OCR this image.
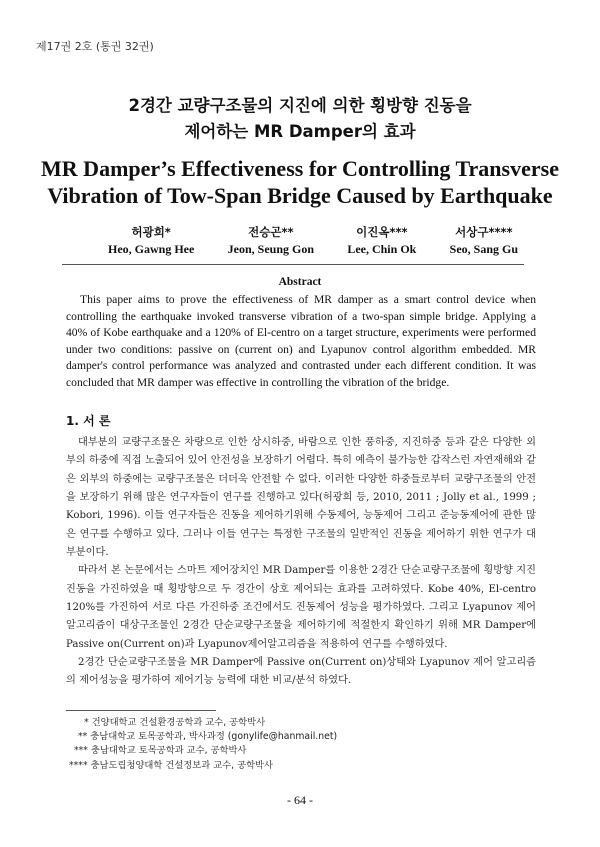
제17권 2호 (통권 32권)
2경간 교량구조물의 지진에 의한 횡방향 진동을
제어하는 MR Damper의 효과
MR Damper’s Effectiveness for Controlling Transverse
Vibration of Tow-Span Bridge Caused by Earthquake
허광희*
Heo, Gawng Hee
전승곤**
Jeon, Seung Gon
이진옥***
Lee, Chin Ok
서상구****
Seo, Sang Gu
Abstract

This paper aims to prove the effectiveness of MR damper as a smart control device when controlling the earthquake invoked transverse vibration of a two-span simple bridge. Applying a 40% of Kobe earthquake and a 120% of El-centro on a target structure, experiments were performed under two conditions: passive on (current on) and Lyapunov control algorithm embedded. MR damper's control performance was analyzed and contrasted under each different condition. It was concluded that MR damper was effective in controlling the vibration of the bridge.

1. 서 론

대부분의 교량구조물은 차량으로 인한 상시하중, 바람으로 인한 풍하중, 지진하중 등과 같은 다양한 외부의 하중에 직접 노출되어 있어 안전성을 보장하기 어렵다. 특히 예측이 불가능한 갑작스런 자연재해와 같은 외부의 하중에는 교량구조물은 더더욱 안전할 수 없다. 이러한 다양한 하중들로부터 교량구조물의 안전을 보장하기 위해 많은 연구자들이 연구를 진행하고 있다(허광희 등, 2010, 2011 ; Jolly et al., 1999 ; Kobori, 1996). 이들 연구자들은 진동을 제어하기위해 수동제어, 능동제어 그리고 준능동제어에 관한 많은 연구를 수행하고 있다. 그러나 이들 연구는 특정한 구조물의 일반적인 진동을 제어하기 위한 연구가 대부분이다.

따라서 본 논문에서는 스마트 제어장치인 MR Damper를 이용한 2경간 단순교량구조물에 횡방향 지진진동을 가진하였을 때 횡방향으로 두 경간이 상호 제어되는 효과를 고려하였다. Kobe 40%, El-centro 120%를 가진하여 서로 다른 가진하중 조건에서도 진동제어 성능을 평가하였다. 그리고 Lyapunov 제어 알고리즘이 대상구조물인 2경간 단순교량구조물을 제어하기에 적절한지 확인하기 위해 MR Damper에 Passive on(Current on)과 Lyapunov제어알고리즘을 적용하여 연구를 수행하였다.

2경간 단순교량구조물을 MR Damper에 Passive on(Current on)상태와 Lyapunov 제어 알고리즘의 제어성능을 평가하여 제어기능 능력에 대한 비교/분석 하였다.

* 건양대학교 건설환경공학과 교수, 공학박사
** 충남대학교 토목공학과, 박사과정 (gonylife@hanmail.net)
*** 충남대학교 토목공학과 교수, 공학박사
**** 충남도립청양대학 건설정보과 교수, 공학박사
- 64 -
